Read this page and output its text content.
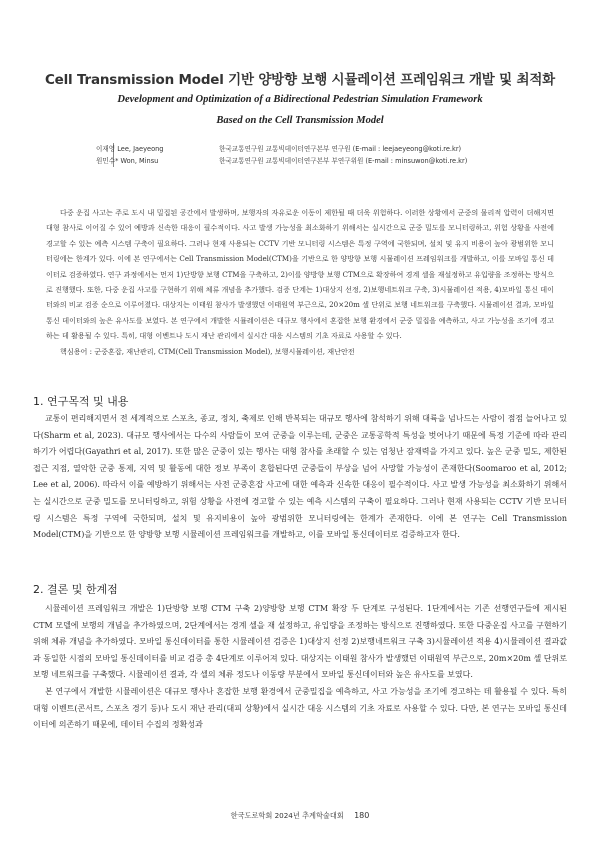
Cell Transmission Model 기반 양방향 보행 시뮬레이션 프레임워크 개발 및 최적화
Development and Optimization of a Bidirectional Pedestrian Simulation Framework
Based on the Cell Transmission Model
이재영 Lee, Jaeyeong	한국교통연구원 교통빅데이터연구본부 연구원 (E-mail : leejaeyeong@koti.re.kr)
원민수* Won, Minsu	한국교통연구원 교통빅데이터연구본부 부연구위원 (E-mail : minsuwon@koti.re.kr)

다중 운집 사고는 주로 도시 내 밀집된 공간에서 발생하며, 보행자의 자유로운 이동이 제한될 때 더욱 위험하다. 이러한 상황에서 군중의 물리적 압력이 더해지면 대형 참사로 이어질 수 있어 예방과 신속한 대응이 필수적이다. 사고 발생 가능성을 최소화하기 위해서는 실시간으로 군중 밀도를 모니터링하고, 위험 상황을 사전에 경고할 수 있는 예측 시스템 구축이 필요하다. 그러나 현재 사용되는 CCTV 기반 모니터링 시스템은 특정 구역에 국한되며, 설치 및 유지 비용이 높아 광범위한 모니터링에는 한계가 있다. 이에 본 연구에서는 Cell Transmission Model(CTM)을 기반으로 한 양방향 보행 시뮬레이션 프레임워크를 개발하고, 이를 모바일 통신 데이터로 검증하였다. 연구 과정에서는 먼저 1)단방향 보행 CTM을 구축하고, 2)이를 양방향 보행 CTM으로 확장하여 경계 셀을 재설정하고 유입량을 조정하는 방식으로 진행했다. 또한, 다중 운집 사고를 구현하기 위해 체류 개념을 추가했다. 검증 단계는 1)대상지 선정, 2)보행네트워크 구축, 3)시뮬레이션 적용, 4)모바일 통신 데이터와의 비교 검증 순으로 이루어졌다. 대상지는 이태원 참사가 발생했던 이태원역 부근으로, 20×20m 셀 단위로 보행 네트워크를 구축했다. 시뮬레이션 결과, 모바일 통신 데이터와의 높은 유사도를 보였다. 본 연구에서 개발한 시뮬레이션은 대규모 행사에서 혼잡한 보행 환경에서 군중 밀집을 예측하고, 사고 가능성을 조기에 경고하는 데 활용될 수 있다. 특히, 대형 이벤트나 도시 재난 관리에서 실시간 대응 시스템의 기초 자료로 사용할 수 있다.

핵심용어 : 군중혼잡, 재난관리, CTM(Cell Transmission Model), 보행시뮬레이션, 재난안전

1. 연구목적 및 내용

교통이 편리해지면서 전 세계적으로 스포츠, 종교, 정치, 축제로 인해 반복되는 대규모 행사에 참석하기 위해 대륙을 넘나드는 사람이 점점 늘어나고 있다(Sharm et al, 2023). 대규모 행사에서는 다수의 사람들이 모여 군중을 이루는데, 군중은 교통공학적 특성을 벗어나기 때문에 특정 기준에 따라 관리하기가 어렵다(Gayathri et al, 2017). 또한 많은 군중이 있는 행사는 대형 참사를 초래할 수 있는 엄청난 잠재력을 가지고 있다. 높은 군중 밀도, 제한된 접근 지점, 열악한 군중 통제, 지역 및 활동에 대한 정보 부족이 혼합된다면 군중들이 부상을 넘어 사망할 가능성이 존재한다(Soomaroo et al, 2012; Lee et al, 2006). 따라서 이를 예방하기 위해서는 사전 군중혼잡 사고에 대한 예측과 신속한 대응이 필수적이다. 사고 발생 가능성을 최소화하기 위해서는 실시간으로 군중 밀도를 모니터링하고, 위험 상황을 사전에 경고할 수 있는 예측 시스템의 구축이 필요하다. 그러나 현재 사용되는 CCTV 기반 모니터링 시스템은 특정 구역에 국한되며, 설치 및 유지비용이 높아 광범위한 모니터링에는 한계가 존재한다. 이에 본 연구는 Cell Transmission Model(CTM)을 기반으로 한 양방향 보행 시뮬레이션 프레임워크를 개발하고, 이를 모바일 통신데이터로 검증하고자 한다.

2. 결론 및 한계점

시뮬레이션 프레임워크 개발은 1)단방향 보행 CTM 구축 2)양방향 보행 CTM 확장 두 단계로 구성된다. 1단계에서는 기존 선행연구들에 제시된 CTM 모델에 보행의 개념을 추가하였으며, 2단계에서는 경계 셀을 재 설정하고, 유입량을 조정하는 방식으로 진행하였다. 또한 다중운집 사고를 구현하기 위해 체류 개념을 추가하였다. 모바일 통신데이터를 통한 시뮬레이션 검증은 1)대상지 선정 2)보행네트워크 구축 3)시뮬레이션 적용 4)시뮬레이션 결과값과 동일한 시점의 모바일 통신데이터를 비교 검증 총 4단계로 이루어져 있다. 대상지는 이태원 참사가 발생했던 이태원역 부근으로, 20m×20m 셀 단위로 보행 네트워크를 구축했다. 시뮬레이션 결과, 각 셀의 체류 정도나 이동량 부분에서 모바일 통신데이터와 높은 유사도를 보였다.

본 연구에서 개발한 시뮬레이션은 대규모 행사나 혼잡한 보행 환경에서 군중밀집을 예측하고, 사고 가능성을 조기에 경고하는 데 활용될 수 있다. 특히 대형 이벤트(콘서트, 스포츠 경기 등)나 도시 재난 관리(대피 상황)에서 실시간 대응 시스템의 기초 자료로 사용할 수 있다. 다만, 본 연구는 모바일 통신데이터에 의존하기 때문에, 데이터 수집의 정확성과

한국도로학회 2024년 추계학술대회 180
